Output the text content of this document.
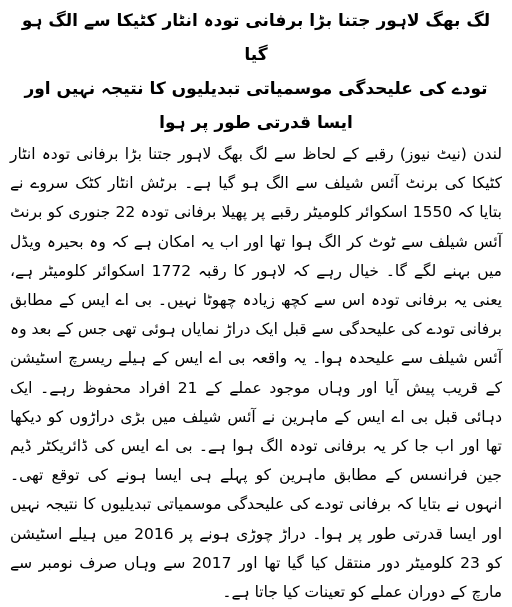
لگ بھگ لاہور جتنا بڑا برفانی تودہ انٹار کٹیکا سے الگ ہو گیا
تودے کی علیحدگی موسمیاتی تبدیلیوں کا نتیجہ نہیں اور ایسا قدرتی طور پر ہوا

لندن (نیٹ نیوز) رقبے کے لحاظ سے لگ بھگ لاہور جتنا بڑا برفانی تودہ انٹار کٹیکا کی برنٹ آئس شیلف سے الگ ہو گیا ہے۔ برٹش انٹار کٹک سروے نے بتایا کہ 1550 اسکوائر کلومیٹر رقبے پر پھیلا برفانی تودہ 22 جنوری کو برنٹ آئس شیلف سے ٹوٹ کر الگ ہوا تھا اور اب یہ امکان ہے کہ وہ بحیرہ ویڈل میں بہنے لگے گا۔ خیال رہے کہ لاہور کا رقبہ 1772 اسکوائر کلومیٹر ہے، یعنی یہ برفانی تودہ اس سے کچھ زیادہ چھوٹا نہیں۔ بی اے ایس کے مطابق برفانی تودے کی علیحدگی سے قبل ایک دراڑ نمایاں ہوئی تھی جس کے بعد وہ آئس شیلف سے علیحدہ ہوا۔ یہ واقعہ بی اے ایس کے ہیلے ریسرچ اسٹیشن کے قریب پیش آیا اور وہاں موجود عملے کے 21 افراد محفوظ رہے۔ ایک دہائی قبل بی اے ایس کے ماہرین نے آئس شیلف میں بڑی دراڑوں کو دیکھا تھا اور اب جا کر یہ برفانی تودہ الگ ہوا ہے۔ بی اے ایس کی ڈائریکٹر ڈیم جین فرانسس کے مطابق ماہرین کو پہلے ہی ایسا ہونے کی توقع تھی۔ انہوں نے بتایا کہ برفانی تودے کی علیحدگی موسمیاتی تبدیلیوں کا نتیجہ نہیں اور ایسا قدرتی طور پر ہوا۔ دراڑ چوڑی ہونے پر 2016 میں ہیلے اسٹیشن کو 23 کلومیٹر دور منتقل کیا گیا تھا اور 2017 سے وہاں صرف نومبر سے مارچ کے دوران عملے کو تعینات کیا جاتا ہے۔
